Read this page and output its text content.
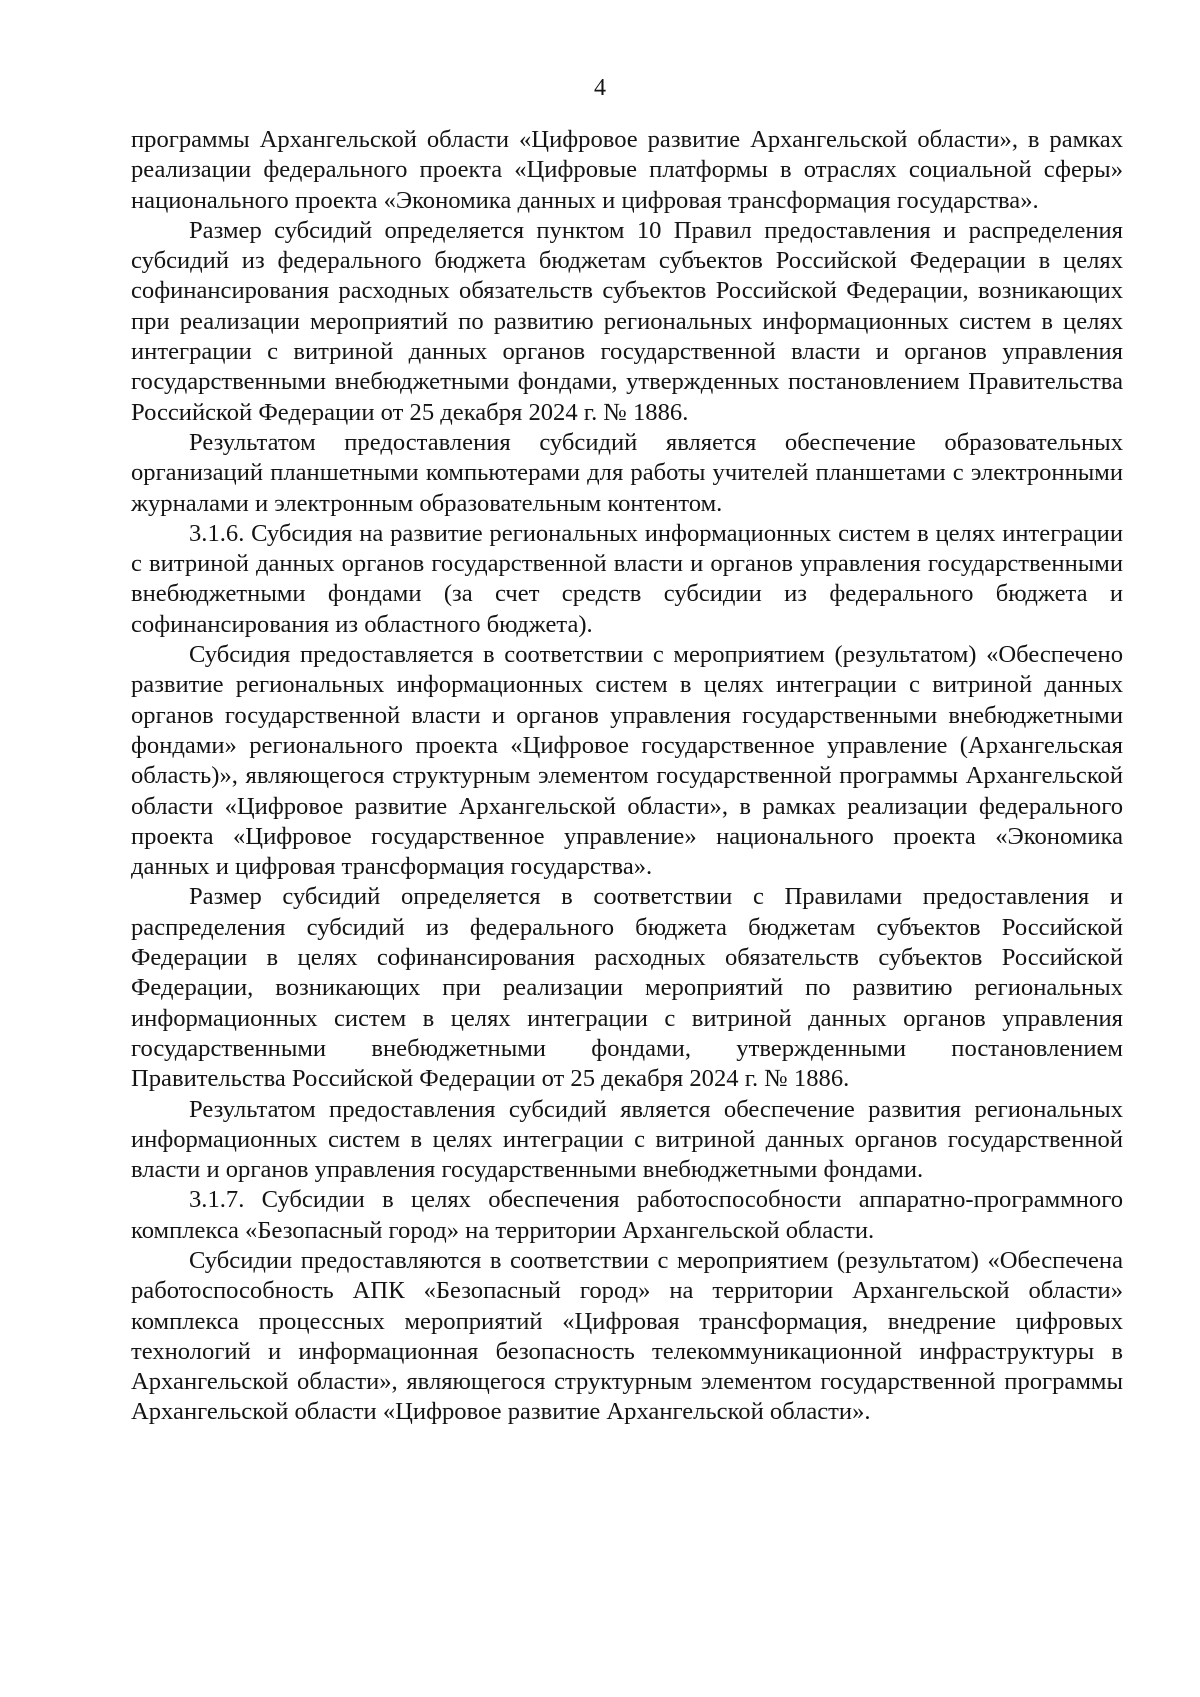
4

программы Архангельской области «Цифровое развитие Архангельской области», в рамках реализации федерального проекта «Цифровые платформы в отраслях социальной сферы» национального проекта «Экономика данных и цифровая трансформация государства».

Размер субсидий определяется пунктом 10 Правил предоставления и распределения субсидий из федерального бюджета бюджетам субъектов Российской Федерации в целях софинансирования расходных обязательств субъектов Российской Федерации, возникающих при реализации мероприятий по развитию региональных информационных систем в целях интеграции с витриной данных органов государственной власти и органов управления государственными внебюджетными фондами, утвержденных постановлением Правительства Российской Федерации от 25 декабря 2024 г. № 1886.

Результатом предоставления субсидий является обеспечение образовательных организаций планшетными компьютерами для работы учителей планшетами с электронными журналами и электронным образовательным контентом.

3.1.6. Субсидия на развитие региональных информационных систем в целях интеграции с витриной данных органов государственной власти и органов управления государственными внебюджетными фондами (за счет средств субсидии из федерального бюджета и софинансирования из областного бюджета).

Субсидия предоставляется в соответствии с мероприятием (результатом) «Обеспечено развитие региональных информационных систем в целях интеграции с витриной данных органов государственной власти и органов управления государственными внебюджетными фондами» регионального проекта «Цифровое государственное управление (Архангельская область)», являющегося структурным элементом государственной программы Архангельской области «Цифровое развитие Архангельской области», в рамках реализации федерального проекта «Цифровое государственное управление» национального проекта «Экономика данных и цифровая трансформация государства».

Размер субсидий определяется в соответствии с Правилами предоставления и распределения субсидий из федерального бюджета бюджетам субъектов Российской Федерации в целях софинансирования расходных обязательств субъектов Российской Федерации, возникающих при реализации мероприятий по развитию региональных информационных систем в целях интеграции с витриной данных органов управления государственными внебюджетными фондами, утвержденными постановлением Правительства Российской Федерации от 25 декабря 2024 г. № 1886.

Результатом предоставления субсидий является обеспечение развития региональных информационных систем в целях интеграции с витриной данных органов государственной власти и органов управления государственными внебюджетными фондами.

3.1.7. Субсидии в целях обеспечения работоспособности аппаратно-программного комплекса «Безопасный город» на территории Архангельской области.

Субсидии предоставляются в соответствии с мероприятием (результатом) «Обеспечена работоспособность АПК «Безопасный город» на территории Архангельской области» комплекса процессных мероприятий «Цифровая трансформация, внедрение цифровых технологий и информационная безопасность телекоммуникационной инфраструктуры в Архангельской области», являющегося структурным элементом государственной программы Архангельской области «Цифровое развитие Архангельской области».
